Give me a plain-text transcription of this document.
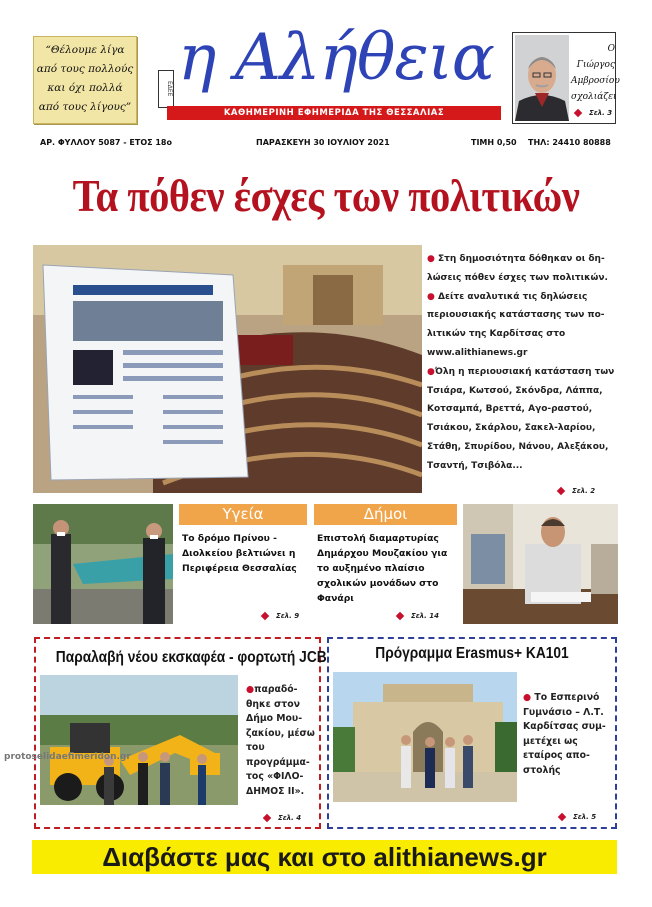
“Θέλουμε λίγα
από τους πολλούς
και όχι πολλά
από τους λίγους”
ΕΔΕΕ η Αλήθεια
ΚΑΘΗΜΕΡΙΝΗ ΕΦΗΜΕΡΙΔΑ ΤΗΣ ΘΕΣΣΑΛΙΑΣ
Ο Γιώργος
Αμβροσίου
σχολιάζει
Σελ. 3
ΑΡ. ΦΥΛΛΟΥ 5087 - ΕΤΟΣ 18ο	ΠΑΡΑΣΚΕΥΗ 30 ΙΟΥΛΙΟΥ 2021	ΤΙΜΗ 0,50 ΤΗΛ: 24410 80888
Τα πόθεν έσχες των πολιτικών

● Στη δημοσιότητα δόθηκαν οι δη-λώσεις πόθεν έσχες των πολιτικών.

● Δείτε αναλυτικά τις δηλώσεις περιουσιακής κατάστασης των πο-λιτικών της Καρδίτσας στο www.alithianews.gr

●Όλη η περιουσιακή κατάσταση των Τσιάρα, Κωτσού, Σκόνδρα, Λάππα, Κοτσαμπά, Βρεττά, Αγο-ραστού, Τσιάκου, Σκάρλου, Σακελ-λαρίου, Στάθη, Σπυρίδου, Νάνου, Αλεξάκου, Τσαντή, Τσιβόλα...

Σελ. 2
Υγεία
Το δρόμο Πρίνου - Διολκείου βελτιώνει η Περιφέρεια Θεσσαλίας
Σελ. 9
Δήμοι
Επιστολή διαμαρτυρίας Δημάρχου Μουζακίου για το αυξημένο πλαίσιο σχολικών μονάδων στο Φανάρι
Σελ. 14
Παραλαβή νέου εκσκαφέα - φορτωτή JCB
●παραδό-θηκε στον Δήμο Μου-ζακίου, μέσω του προγράμμα-τος «ΦΙΛΟ-ΔΗΜΟΣ ΙΙ».
Σελ. 4
Πρόγραμμα Erasmus+ KA101
● Το Εσπερινό Γυμνάσιο – Λ.Τ. Καρδίτσας συμ-μετέχει ως εταίρος απο-στολής
Σελ. 5
protoselidaefimeridon.gr
Διαβάστε μας και στο alithianews.gr
